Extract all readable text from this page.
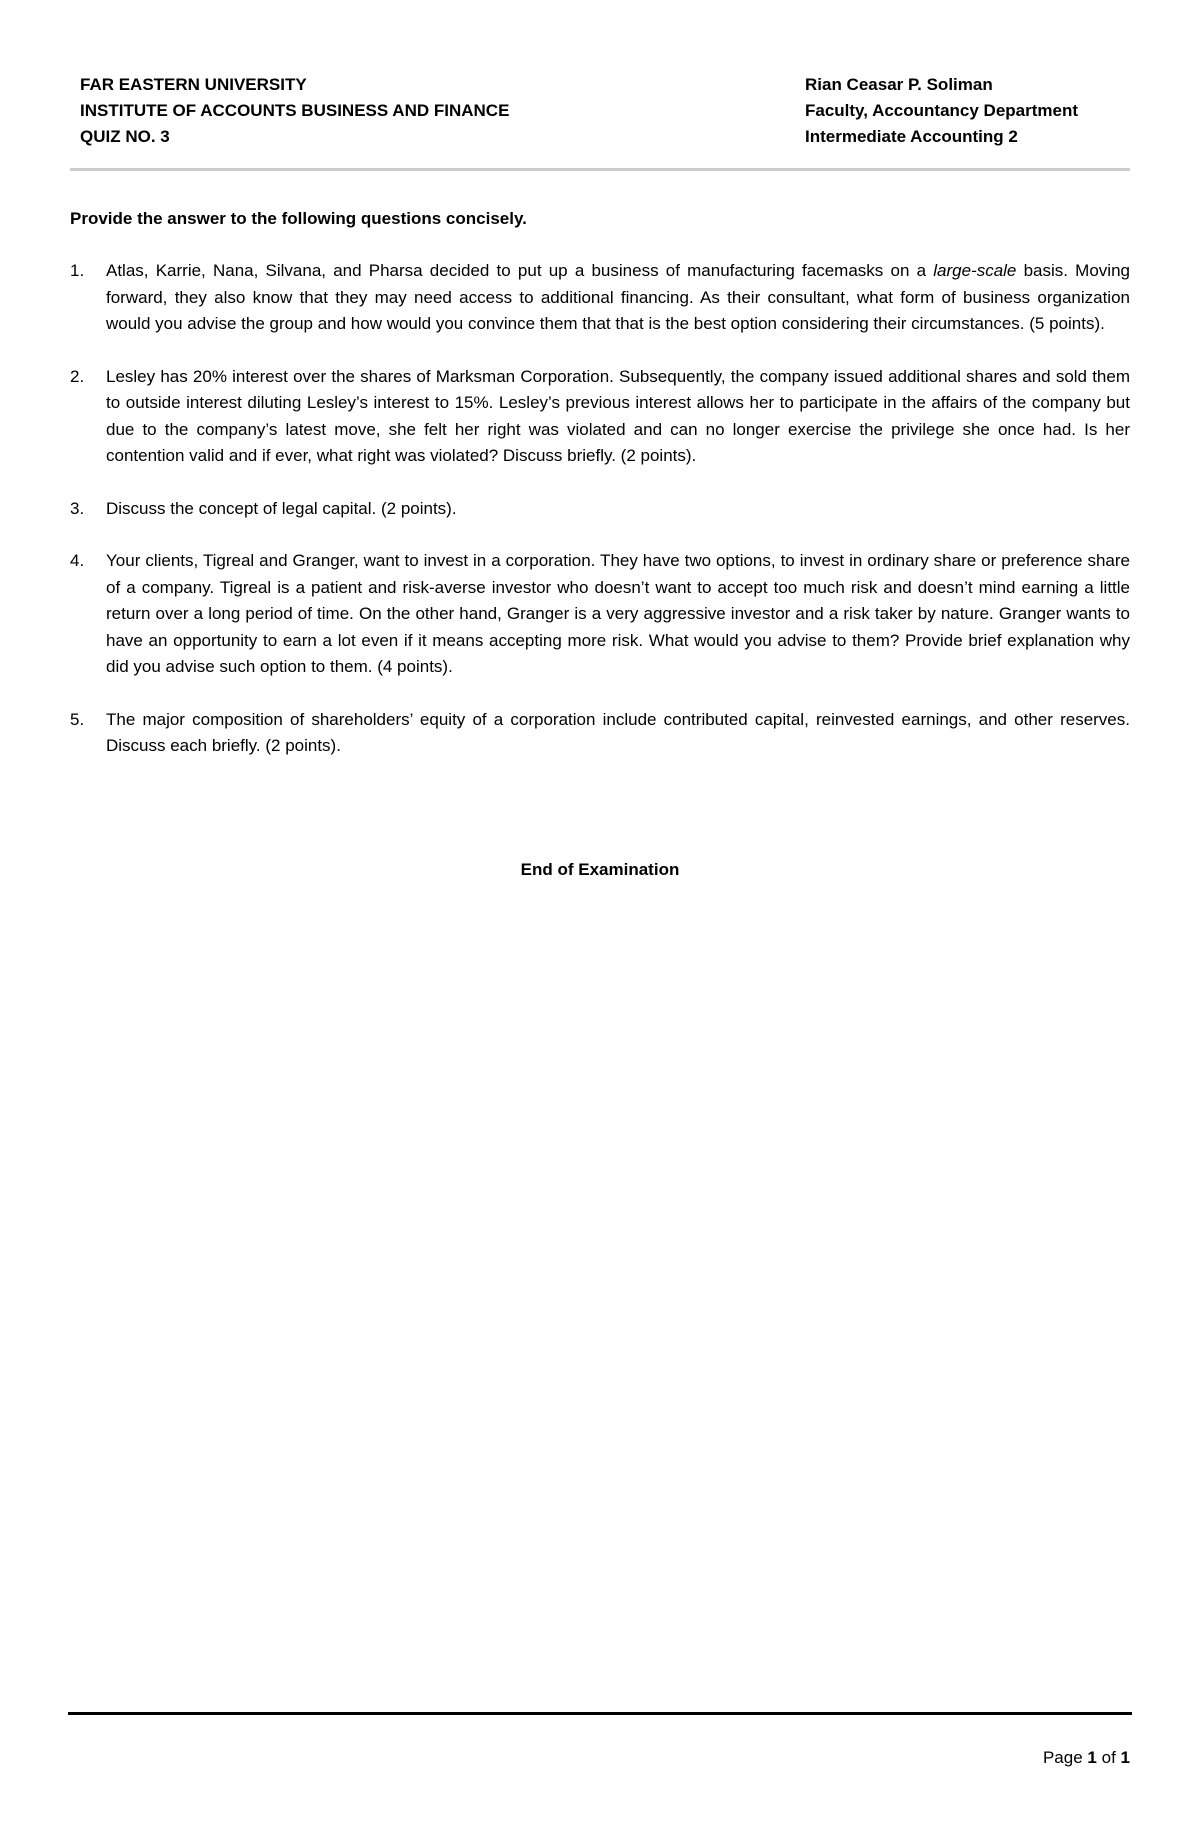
FAR EASTERN UNIVERSITY
INSTITUTE OF ACCOUNTS BUSINESS AND FINANCE
QUIZ NO. 3
Rian Ceasar P. Soliman
Faculty, Accountancy Department
Intermediate Accounting 2
Provide the answer to the following questions concisely.
1.	Atlas, Karrie, Nana, Silvana, and Pharsa decided to put up a business of manufacturing facemasks on a large-scale basis. Moving forward, they also know that they may need access to additional financing. As their consultant, what form of business organization would you advise the group and how would you convince them that that is the best option considering their circumstances. (5 points).
2.	Lesley has 20% interest over the shares of Marksman Corporation. Subsequently, the company issued additional shares and sold them to outside interest diluting Lesley’s interest to 15%. Lesley’s previous interest allows her to participate in the affairs of the company but due to the company’s latest move, she felt her right was violated and can no longer exercise the privilege she once had. Is her contention valid and if ever, what right was violated? Discuss briefly. (2 points).
3.	Discuss the concept of legal capital. (2 points).
4.	Your clients, Tigreal and Granger, want to invest in a corporation. They have two options, to invest in ordinary share or preference share of a company. Tigreal is a patient and risk-averse investor who doesn’t want to accept too much risk and doesn’t mind earning a little return over a long period of time. On the other hand, Granger is a very aggressive investor and a risk taker by nature. Granger wants to have an opportunity to earn a lot even if it means accepting more risk. What would you advise to them? Provide brief explanation why did you advise such option to them. (4 points).
5.	The major composition of shareholders’ equity of a corporation include contributed capital, reinvested earnings, and other reserves. Discuss each briefly. (2 points).
End of Examination
Page 1 of 1
